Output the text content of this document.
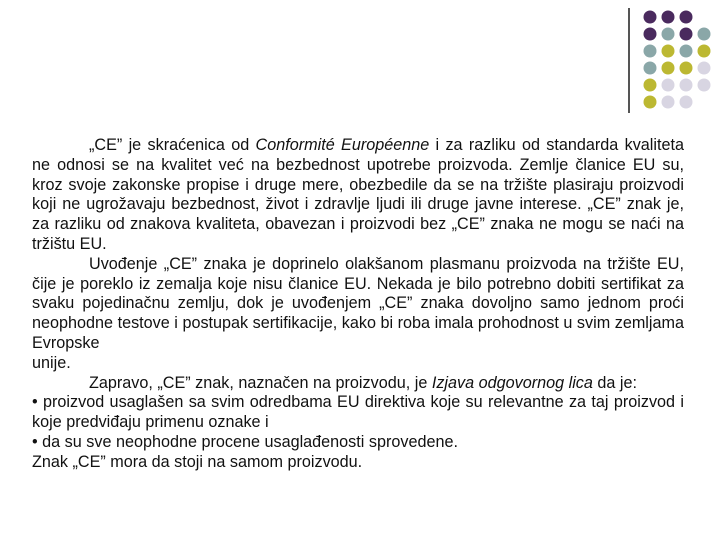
„CE” je skraćenica od Conformité Européenne i za razliku od standarda kvaliteta ne odnosi se na kvalitet već na bezbednost upotrebe proizvoda. Zemlje članice EU su, kroz svoje zakonske propise i druge mere, obezbedile da se na tržište plasiraju proizvodi koji ne ugrožavaju bezbednost, život i zdravlje ljudi ili druge javne interese. „CE” znak je, za razliku od znakova kvaliteta, obavezan i proizvodi bez „CE” znaka ne mogu se naći na tržištu EU.

Uvođenje „CE” znaka je doprinelo olakšanom plasmanu proizvoda na tržište EU, čije je poreklo iz zemalja koje nisu članice EU. Nekada je bilo potrebno dobiti sertifikat za svaku pojedinačnu zemlju, dok je uvođenjem „CE” znaka dovoljno samo jednom proći neophodne testove i postupak sertifikacije, kako bi roba imala prohodnost u svim zemljama Evropske

unije.

Zapravo, „CE” znak, naznačen na proizvodu, je Izjava odgovornog lica da je:

• proizvod usaglašen sa svim odredbama EU direktiva koje su relevantne za taj proizvod i koje predviđaju primenu oznake i

• da su sve neophodne procene usaglađenosti sprovedene.

Znak „CE” mora da stoji na samom proizvodu.
